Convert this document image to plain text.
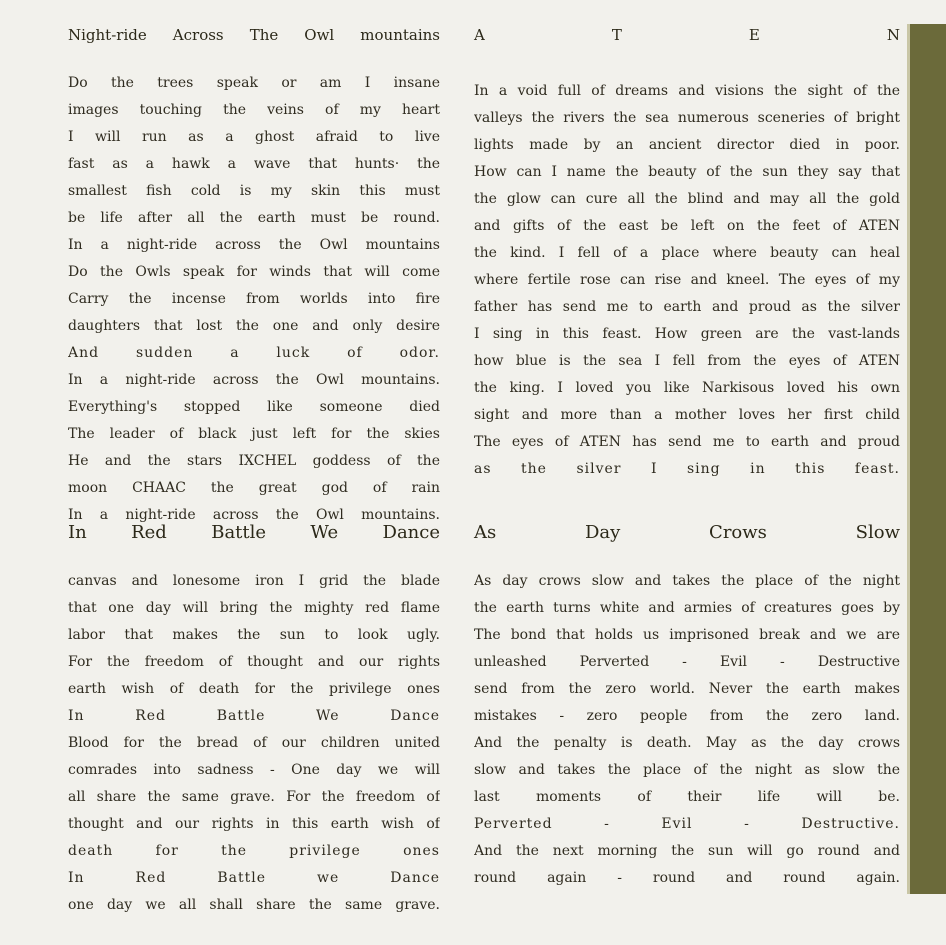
Night-ride Across The Owl mountains A T E N
Do the trees speak or am I insane
images touching the veins of my heart
I will run as a ghost afraid to live
fast as a hawk a wave that hunts· the
smallest fish cold is my skin this must
be life after all the earth must be round.
In a night-ride across the Owl mountains
Do the Owls speak for winds that will come
Carry the incense from worlds into fire
daughters that lost the one and only desire
And sudden a luck of odor.
In a night-ride across the Owl mountains.
Everything's stopped like someone died
The leader of black just left for the skies
He and the stars IXCHEL goddess of the
moon CHAAC the great god of rain
In a night-ride across the Owl mountains.
In a void full of dreams and visions the sight of the
valleys the rivers the sea numerous sceneries of bright
lights made by an ancient director died in poor.
How can I name the beauty of the sun they say that
the glow can cure all the blind and may all the gold
and gifts of the east be left on the feet of ATEN
the kind. I fell of a place where beauty can heal
where fertile rose can rise and kneel. The eyes of my
father has send me to earth and proud as the silver
I sing in this feast. How green are the vast-lands
how blue is the sea I fell from the eyes of ATEN
the king. I loved you like Narkisous loved his own
sight and more than a mother loves her first child
The eyes of ATEN has send me to earth and proud
as the silver I sing in this feast.
In Red Battle We Dance As Day Crows Slow
canvas and lonesome iron I grid the blade
that one day will bring the mighty red flame
labor that makes the sun to look ugly.
For the freedom of thought and our rights
earth wish of death for the privilege ones
In Red Battle We Dance
Blood for the bread of our children united
comrades into sadness - One day we will
all share the same grave. For the freedom of
thought and our rights in this earth wish of
death for the privilege ones
In Red Battle we Dance
one day we all shall share the same grave.
As day crows slow and takes the place of the night
the earth turns white and armies of creatures goes by
The bond that holds us imprisoned break and we are
unleashed Perverted - Evil - Destructive
send from the zero world. Never the earth makes
mistakes - zero people from the zero land.
And the penalty is death. May as the day crows
slow and takes the place of the night as slow the
last moments of their life will be.
Perverted - Evil - Destructive.
And the next morning the sun will go round and
round again - round and round again.
